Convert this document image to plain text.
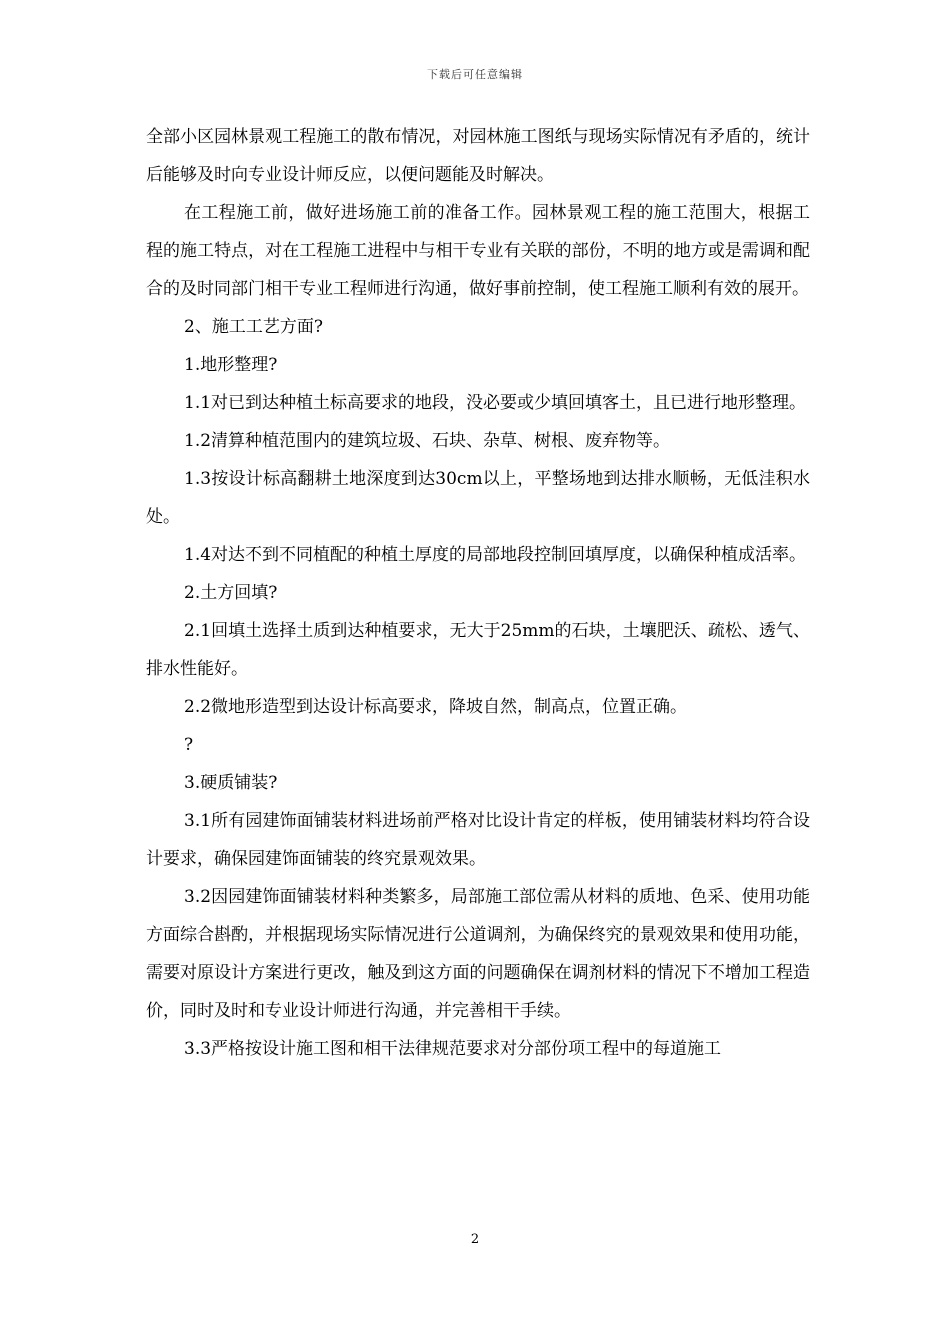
下载后可任意编辑

全部小区园林景观工程施工的散布情况，对园林施工图纸与现场实际情况有矛盾的，统计后能够及时向专业设计师反应，以便问题能及时解决。

在工程施工前，做好进场施工前的准备工作。园林景观工程的施工范围大，根据工程的施工特点，对在工程施工进程中与相干专业有关联的部份，不明的地方或是需调和配合的及时同部门相干专业工程师进行沟通，做好事前控制，使工程施工顺利有效的展开。

2、施工工艺方面?

1.地形整理?

1.1对已到达种植土标高要求的地段，没必要或少填回填客土，且已进行地形整理。

1.2清算种植范围内的建筑垃圾、石块、杂草、树根、废弃物等。

1.3按设计标高翻耕土地深度到达30cm以上，平整场地到达排水顺畅，无低洼积水处。

1.4对达不到不同植配的种植土厚度的局部地段控制回填厚度，以确保种植成活率。

2.土方回填?

2.1回填土选择土质到达种植要求，无大于25mm的石块，土壤肥沃、疏松、透气、排水性能好。

2.2微地形造型到达设计标高要求，降坡自然，制高点，位置正确。

?

3.硬质铺装?

3.1所有园建饰面铺装材料进场前严格对比设计肯定的样板，使用铺装材料均符合设计要求，确保园建饰面铺装的终究景观效果。

3.2因园建饰面铺装材料种类繁多，局部施工部位需从材料的质地、色采、使用功能方面综合斟酌，并根据现场实际情况进行公道调剂，为确保终究的景观效果和使用功能，需要对原设计方案进行更改，触及到这方面的问题确保在调剂材料的情况下不增加工程造价，同时及时和专业设计师进行沟通，并完善相干手续。

3.3严格按设计施工图和相干法律规范要求对分部份项工程中的每道施工

2
